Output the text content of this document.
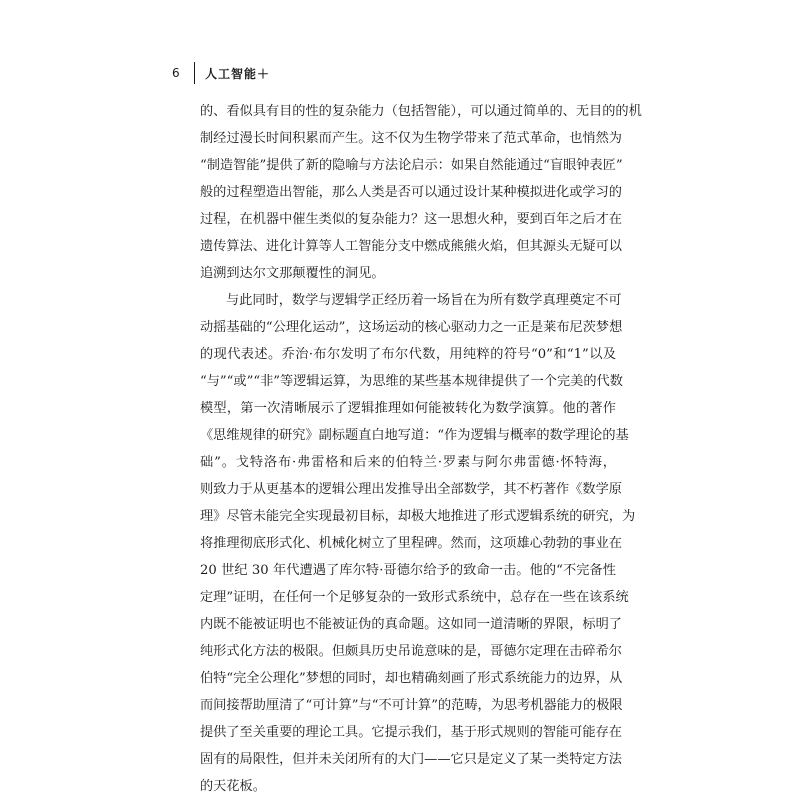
6	人工智能＋
的、看似具有目的性的复杂能力（包括智能），可以通过简单的、无目的的机
制经过漫长时间积累而产生。这不仅为生物学带来了范式革命，也悄然为
“制造智能”提供了新的隐喻与方法论启示：如果自然能通过“盲眼钟表匠”
般的过程塑造出智能，那么人类是否可以通过设计某种模拟进化或学习的
过程，在机器中催生类似的复杂能力？这一思想火种，要到百年之后才在
遗传算法、进化计算等人工智能分支中燃成熊熊火焰，但其源头无疑可以
追溯到达尔文那颠覆性的洞见。
与此同时，数学与逻辑学正经历着一场旨在为所有数学真理奠定不可
动摇基础的“公理化运动”，这场运动的核心驱动力之一正是莱布尼茨梦想
的现代表述。乔治·布尔发明了布尔代数，用纯粹的符号“0”和“1”以及
“与”“或”“非”等逻辑运算，为思维的某些基本规律提供了一个完美的代数
模型，第一次清晰展示了逻辑推理如何能被转化为数学演算。他的著作
《思维规律的研究》副标题直白地写道：“作为逻辑与概率的数学理论的基
础”。戈特洛布·弗雷格和后来的伯特兰·罗素与阿尔弗雷德·怀特海，
则致力于从更基本的逻辑公理出发推导出全部数学，其不朽著作《数学原
理》尽管未能完全实现最初目标，却极大地推进了形式逻辑系统的研究，为
将推理彻底形式化、机械化树立了里程碑。然而，这项雄心勃勃的事业在
20 世纪 30 年代遭遇了库尔特·哥德尔给予的致命一击。他的“不完备性
定理”证明，在任何一个足够复杂的一致形式系统中，总存在一些在该系统
内既不能被证明也不能被证伪的真命题。这如同一道清晰的界限，标明了
纯形式化方法的极限。但颇具历史吊诡意味的是，哥德尔定理在击碎希尔
伯特“完全公理化”梦想的同时，却也精确刻画了形式系统能力的边界，从
而间接帮助厘清了“可计算”与“不可计算”的范畴，为思考机器能力的极限
提供了至关重要的理论工具。它提示我们，基于形式规则的智能可能存在
固有的局限性，但并未关闭所有的大门——它只是定义了某一类特定方法
的天花板。
